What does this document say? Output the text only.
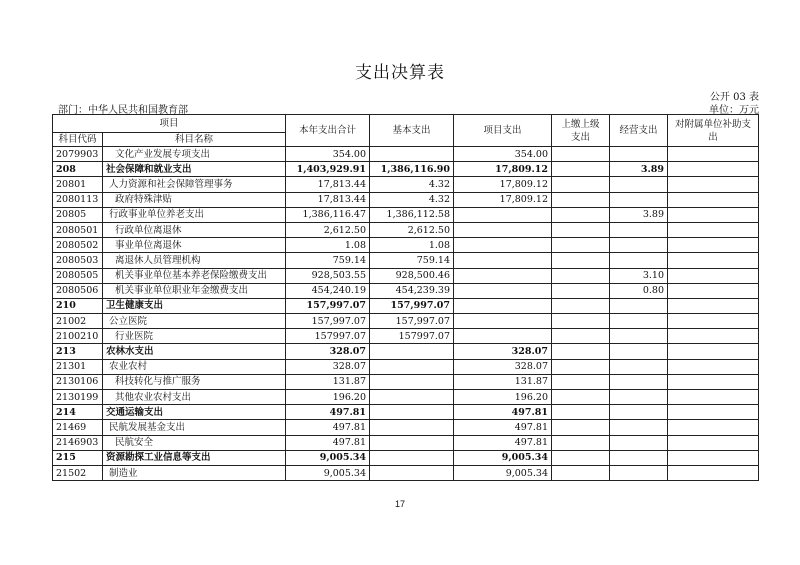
支出决算表
公开 03 表
部门：中华人民共和国教育部	单位：万元
项目		本年支出合计	基本支出	项目支出	上缴上级支出	经营支出	对附属单位补助支出
科目代码	科目名称						
2079903	文化产业发展专项支出	354.00		354.00			
208	社会保障和就业支出	1,403,929.91	1,386,116.90	17,809.12		3.89	
20801	人力资源和社会保障管理事务	17,813.44	4.32	17,809.12			
2080113	政府特殊津贴	17,813.44	4.32	17,809.12			
20805	行政事业单位养老支出	1,386,116.47	1,386,112.58			3.89	
2080501	行政单位离退休	2,612.50	2,612.50				
2080502	事业单位离退休	1.08	1.08				
2080503	离退休人员管理机构	759.14	759.14				
2080505	机关事业单位基本养老保险缴费支出	928,503.55	928,500.46			3.10	
2080506	机关事业单位职业年金缴费支出	454,240.19	454,239.39			0.80	
210	卫生健康支出	157,997.07	157,997.07				
21002	公立医院	157,997.07	157,997.07				
2100210	行业医院	157997.07	157997.07				
213	农林水支出	328.07		328.07			
21301	农业农村	328.07		328.07			
2130106	科技转化与推广服务	131.87		131.87			
2130199	其他农业农村支出	196.20		196.20			
214	交通运输支出	497.81		497.81			
21469	民航发展基金支出	497.81		497.81			
2146903	民航安全	497.81		497.81			
215	资源勘探工业信息等支出	9,005.34		9,005.34			
21502	制造业	9,005.34		9,005.34			
17
